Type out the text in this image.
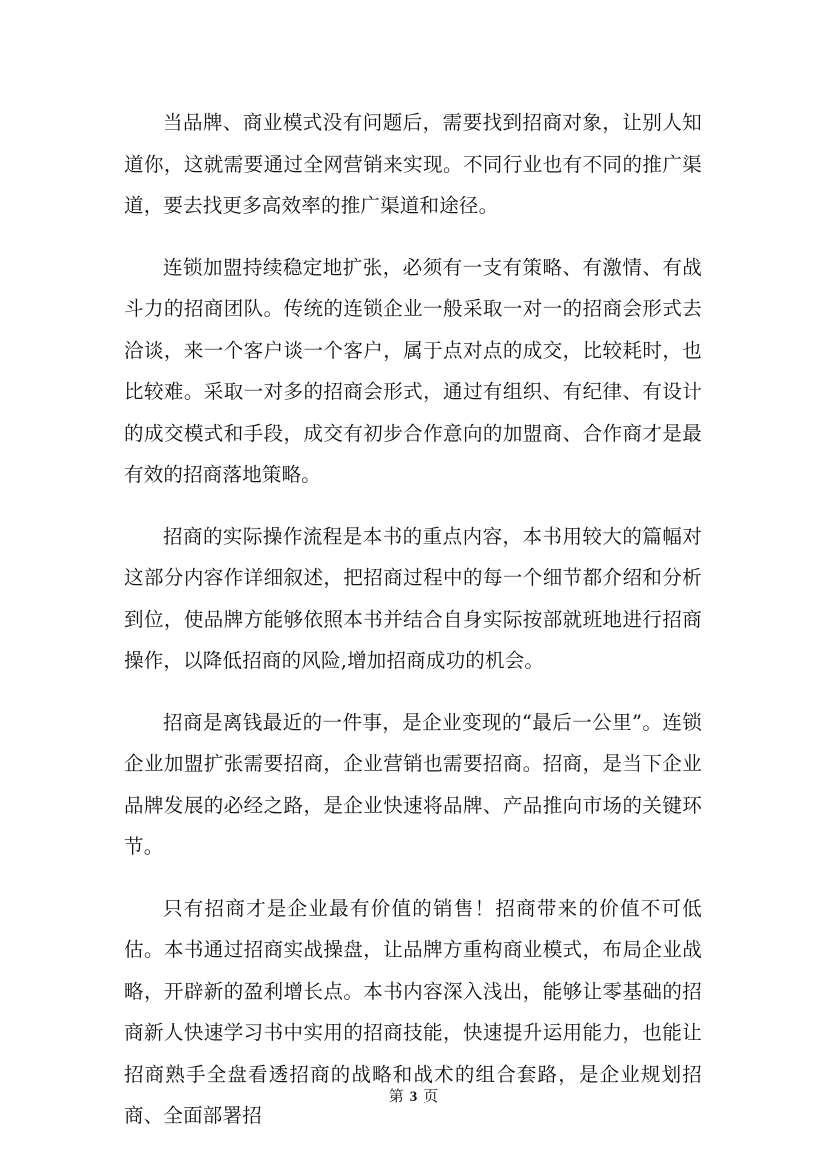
当品牌、商业模式没有问题后，需要找到招商对象，让别人知道你，这就需要通过全网营销来实现。不同行业也有不同的推广渠道，要去找更多高效率的推广渠道和途径。

连锁加盟持续稳定地扩张，必须有一支有策略、有激情、有战斗力的招商团队。传统的连锁企业一般采取一对一的招商会形式去洽谈，来一个客户谈一个客户，属于点对点的成交，比较耗时，也比较难。采取一对多的招商会形式，通过有组织、有纪律、有设计的成交模式和手段，成交有初步合作意向的加盟商、合作商才是最有效的招商落地策略。

招商的实际操作流程是本书的重点内容，本书用较大的篇幅对这部分内容作详细叙述，把招商过程中的每一个细节都介绍和分析到位，使品牌方能够依照本书并结合自身实际按部就班地进行招商操作，以降低招商的风险,增加招商成功的机会。

招商是离钱最近的一件事，是企业变现的“最后一公里”。连锁企业加盟扩张需要招商，企业营销也需要招商。招商，是当下企业品牌发展的必经之路，是企业快速将品牌、产品推向市场的关键环节。

只有招商才是企业最有价值的销售！招商带来的价值不可低估。本书通过招商实战操盘，让品牌方重构商业模式，布局企业战略，开辟新的盈利增长点。本书内容深入浅出，能够让零基础的招商新人快速学习书中实用的招商技能，快速提升运用能力，也能让招商熟手全盘看透招商的战略和战术的组合套路，是企业规划招商、全面部署招

第 3 页
